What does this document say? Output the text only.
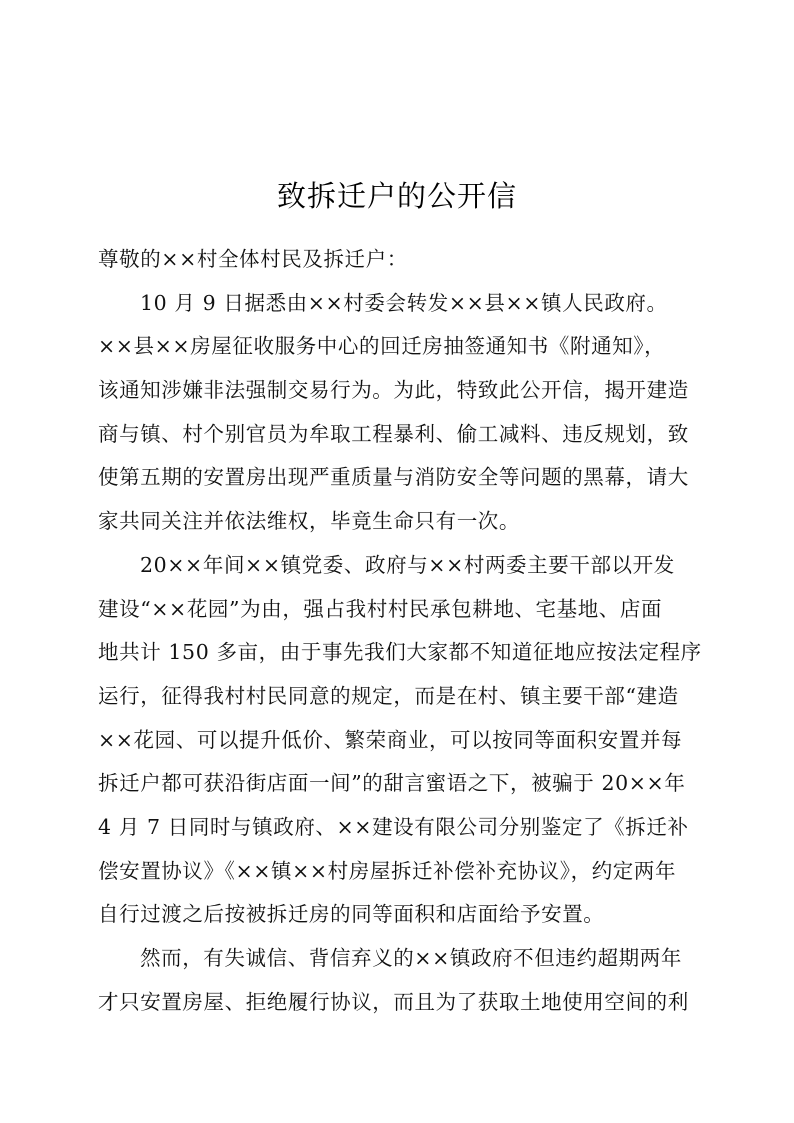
致拆迁户的公开信
尊敬的××村全体村民及拆迁户：
10 月 9 日据悉由××村委会转发××县××镇人民政府。
××县××房屋征收服务中心的回迁房抽签通知书《附通知》，
该通知涉嫌非法强制交易行为。为此，特致此公开信，揭开建造
商与镇、村个别官员为牟取工程暴利、偷工减料、违反规划，致
使第五期的安置房出现严重质量与消防安全等问题的黑幕，请大
家共同关注并依法维权，毕竟生命只有一次。
20××年间××镇党委、政府与××村两委主要干部以开发
建设“××花园”为由，强占我村村民承包耕地、宅基地、店面
地共计 150 多亩，由于事先我们大家都不知道征地应按法定程序
运行，征得我村村民同意的规定，而是在村、镇主要干部“建造
××花园、可以提升低价、繁荣商业，可以按同等面积安置并每
拆迁户都可获沿街店面一间”的甜言蜜语之下，被骗于 20××年
4 月 7 日同时与镇政府、××建设有限公司分别鉴定了《拆迁补
偿安置协议》《××镇××村房屋拆迁补偿补充协议》，约定两年
自行过渡之后按被拆迁房的同等面积和店面给予安置。
然而，有失诚信、背信弃义的××镇政府不但违约超期两年
才只安置房屋、拒绝履行协议，而且为了获取土地使用空间的利
